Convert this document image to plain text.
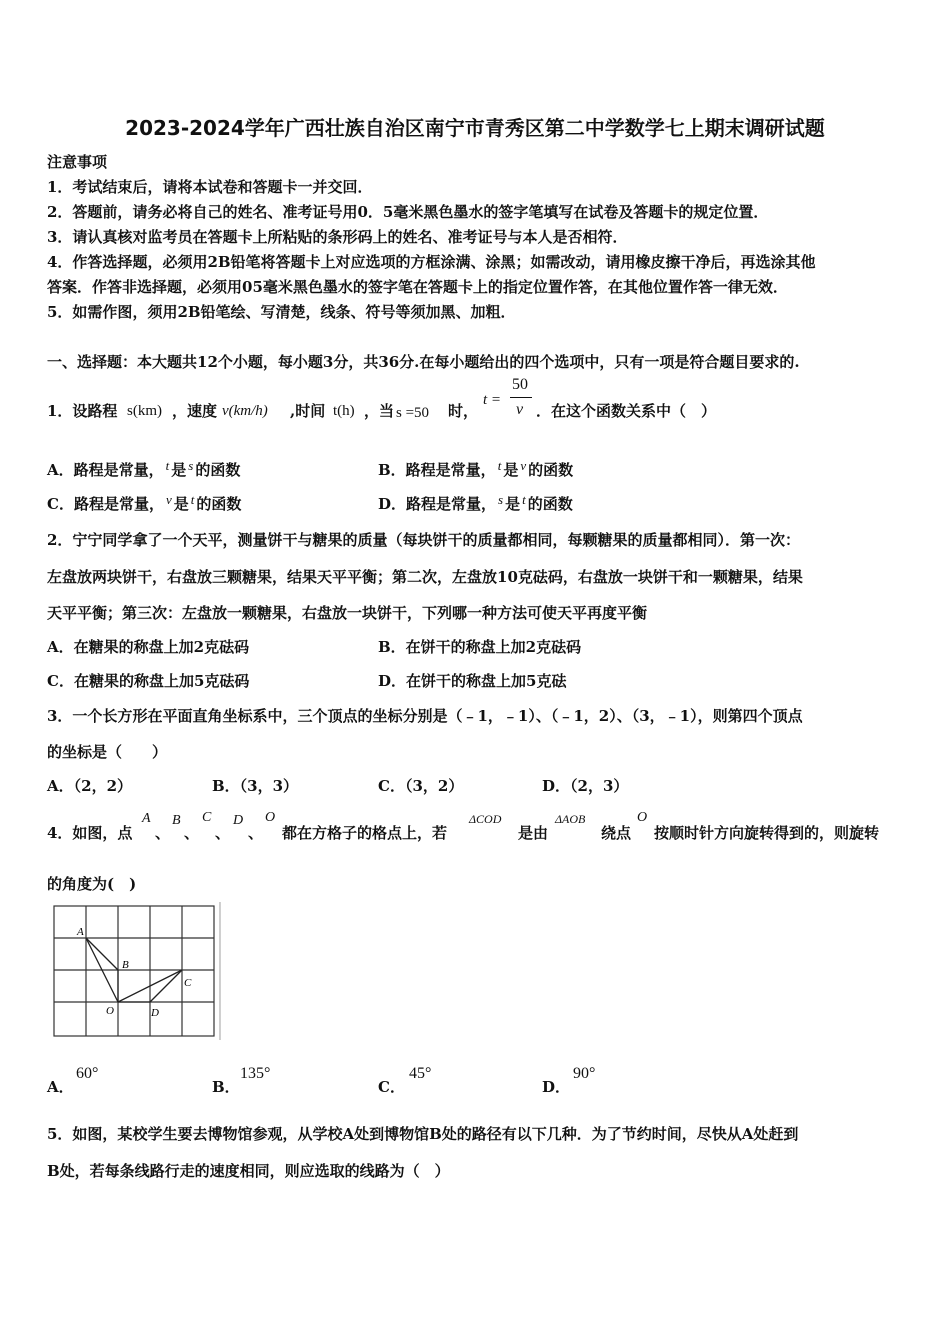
2023-2024学年广西壮族自治区南宁市青秀区第二中学数学七上期末调研试题
注意事项
1．考试结束后，请将本试卷和答题卡一并交回．
2．答题前，请务必将自己的姓名、准考证号用0．5毫米黑色墨水的签字笔填写在试卷及答题卡的规定位置．
3．请认真核对监考员在答题卡上所粘贴的条形码上的姓名、准考证号与本人是否相符．
4．作答选择题，必须用2B铅笔将答题卡上对应选项的方框涂满、涂黑；如需改动，请用橡皮擦干净后，再选涂其他
答案．作答非选择题，必须用05毫米黑色墨水的签字笔在答题卡上的指定位置作答，在其他位置作答一律无效．
5．如需作图，须用2B铅笔绘、写清楚，线条、符号等须加黑、加粗．
一、选择题：本大题共12个小题，每小题3分，共36分.在每小题给出的四个选项中，只有一项是符合题目要求的.
1．设路程 s(km) ，速度 v(km/h) ,时间 t(h) ，当 s =50 时，
t =
50
v ．在这个函数关系中（　）
A．路程是常量， t 是 s 的函数	B．路程是常量， t 是 v 的函数
C．路程是常量， v 是 t 的函数	D．路程是常量， s 是 t 的函数
2．宁宁同学拿了一个天平，测量饼干与糖果的质量（每块饼干的质量都相同，每颗糖果的质量都相同）．第一次：
左盘放两块饼干，右盘放三颗糖果，结果天平平衡；第二次，左盘放10克砝码，右盘放一块饼干和一颗糖果，结果
天平平衡；第三次：左盘放一颗糖果，右盘放一块饼干，下列哪一种方法可使天平再度平衡
A．在糖果的称盘上加2克砝码	B．在饼干的称盘上加2克砝码
C．在糖果的称盘上加5克砝码	D．在饼干的称盘上加5克砝
3．一个长方形在平面直角坐标系中，三个顶点的坐标分别是（﹣1，﹣1）、（﹣1，2）、（3，﹣1），则第四个顶点
的坐标是（　　）
A．（2，2）	B．（3，3）	C．（3，2）	D．（2，3）
4．如图，点
A
、
B
、
C
、
D
、
O
都在方格子的格点上，若
ΔCOD
是由
ΔAOB
绕点
O
按顺时针方向旋转得到的，则旋转
的角度为(　)
A
B
C
O	D
A．
60°
B．
135°
C．
45°
D．
90°
5．如图，某校学生要去博物馆参观，从学校A处到博物馆B处的路径有以下几种．为了节约时间，尽快从A处赶到
B处，若每条线路行走的速度相同，则应选取的线路为（　）
